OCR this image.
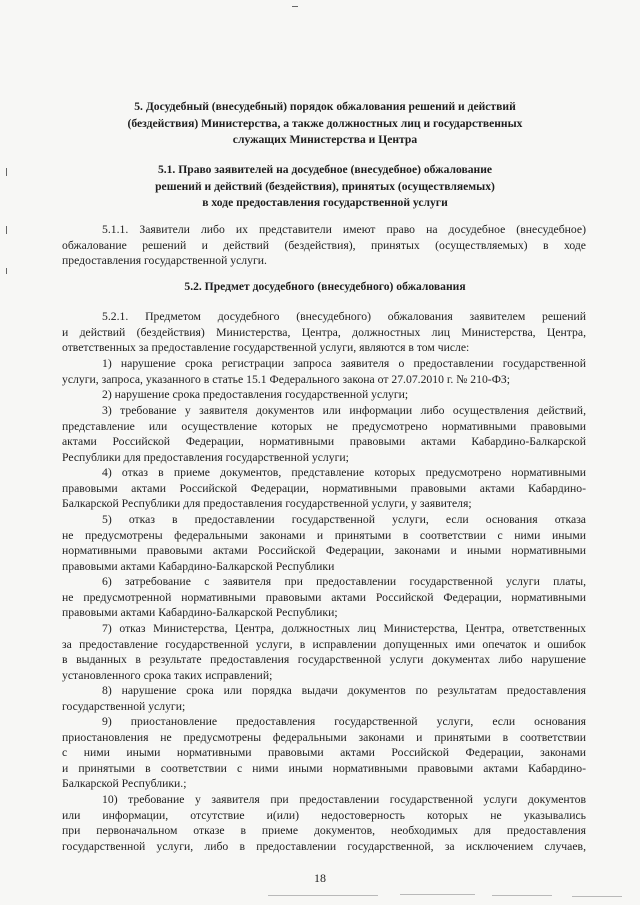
5. Досудебный (внесудебный) порядок обжалования решений и действий
(бездействия) Министерства, а также должностных лиц и государственных
служащих Министерства и Центра
5.1. Право заявителей на досудебное (внесудебное) обжалование
решений и действий (бездействия), принятых (осуществляемых)
в ходе предоставления государственной услуги
5.1.1. Заявители либо их представители имеют право на досудебное (внесудебное)
обжалование решений и действий (бездействия), принятых (осуществляемых) в ходе
предоставления государственной услуги.
5.2. Предмет досудебного (внесудебного) обжалования
5.2.1. Предметом досудебного (внесудебного) обжалования заявителем решений
и действий (бездействия) Министерства, Центра, должностных лиц Министерства, Центра,
ответственных за предоставление государственной услуги, являются в том числе:
1) нарушение срока регистрации запроса заявителя о предоставлении государственной
услуги, запроса, указанного в статье 15.1 Федерального закона от 27.07.2010 г. № 210-ФЗ;
2) нарушение срока предоставления государственной услуги;
3) требование у заявителя документов или информации либо осуществления действий,
представление или осуществление которых не предусмотрено нормативными правовыми
актами Российской Федерации, нормативными правовыми актами Кабардино-Балкарской
Республики для предоставления государственной услуги;
4) отказ в приеме документов, представление которых предусмотрено нормативными
правовыми актами Российской Федерации, нормативными правовыми актами Кабардино-
Балкарской Республики для предоставления государственной услуги, у заявителя;
5) отказ в предоставлении государственной услуги, если основания отказа
не предусмотрены федеральными законами и принятыми в соответствии с ними иными
нормативными правовыми актами Российской Федерации, законами и иными нормативными
правовыми актами Кабардино-Балкарской Республики
6) затребование с заявителя при предоставлении государственной услуги платы,
не предусмотренной нормативными правовыми актами Российской Федерации, нормативными
правовыми актами Кабардино-Балкарской Республики;
7) отказ Министерства, Центра, должностных лиц Министерства, Центра, ответственных
за предоставление государственной услуги, в исправлении допущенных ими опечаток и ошибок
в выданных в результате предоставления государственной услуги документах либо нарушение
установленного срока таких исправлений;
8) нарушение срока или порядка выдачи документов по результатам предоставления
государственной услуги;
9) приостановление предоставления государственной услуги, если основания
приостановления не предусмотрены федеральными законами и принятыми в соответствии
с ними иными нормативными правовыми актами Российской Федерации, законами
и принятыми в соответствии с ними иными нормативными правовыми актами Кабардино-
Балкарской Республики.;
10) требование у заявителя при предоставлении государственной услуги документов
или информации, отсутствие и(или) недостоверность которых не указывались
при первоначальном отказе в приеме документов, необходимых для предоставления
государственной услуги, либо в предоставлении государственной, за исключением случаев,
18
